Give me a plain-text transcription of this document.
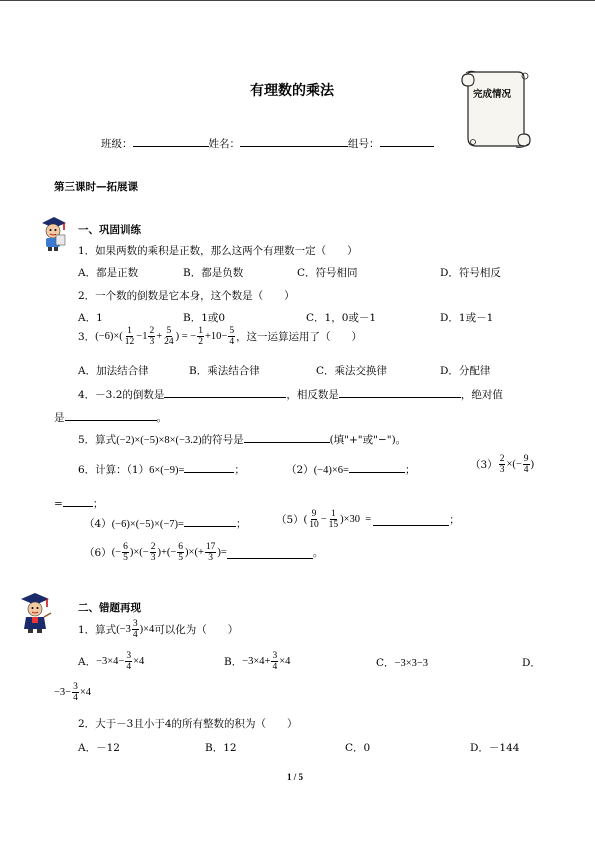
有理数的乘法	完成情况
班级：	姓名：	组号：
第三课时—拓展课
一、巩固训练
1．如果两数的乘积是正数，那么这两个有理数一定（　　）
A．都是正数	B．都是负数	C．符号相同	D．符号相反
2．一个数的倒数是它本身，这个数是（　　）
A．1	B．1或0	C．1，0或－1	D．1或－1
3． $(-6)\times( \frac{1}{12} -1 \frac{2}{3} + \frac{5}{24}$ ) = − $\frac{1}{2} +10- \frac{5}{4}$ ，这一运算运用了（　　）
A．加法结合律	B．乘法结合律	C．乘法交换律	D．分配律
4．－3.2的倒数是	，相反数是	，绝对值
是	。
5．算式(−2)×(−5)×8×(−3.2)的符号是	(填"+"或"−")。
6．计算：（1）6×(−9)=	；	（2）(−4)×6=	；	$(3) \frac{2}{3}$ ×(− $\frac{9}{4}$ )
=	；
（4）(−6)×(−5)×(−7)=	；	（5） ( $\frac{9}{10} - \frac{1}{15} )\times 30$  =	；
（6） (− $\frac{6}{5}$ )×(− $\frac{2}{3}$ )+(− $\frac{6}{5}$ )×(+ $\frac{17}{3}$ )=	。
二、错题再现
1．算式 $(-3 \frac{3}{4} )\times 4$ 可以化为（　　）
A． $-3\times 4- \frac{3}{4} \times 4$	B． $-3\times 4+ \frac{3}{4} \times 4$	C．−3×3−3	D．
$-3- \frac{3}{4} \times 4$
2．大于－3且小于4的所有整数的积为（　　）
A．－12	B．12	C．0	D．－144
1 / 5
